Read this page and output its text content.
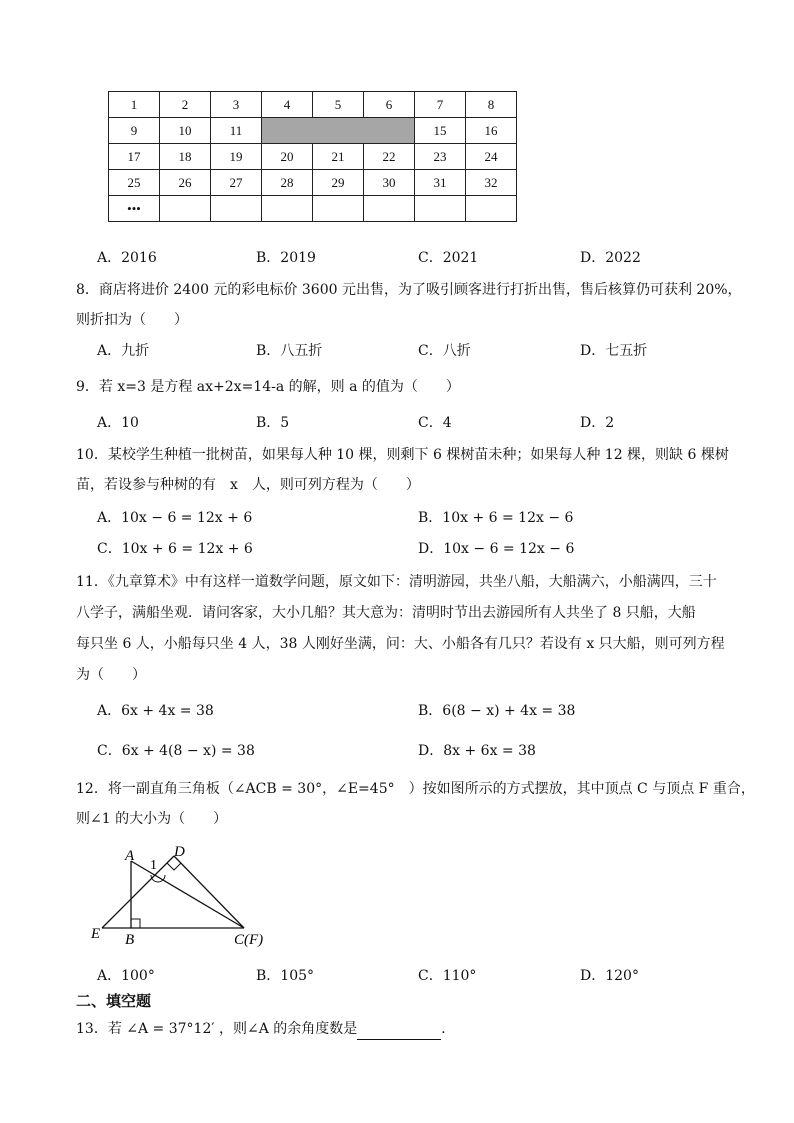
1	2	3	4	5	6	7	8
9	10	11				15	16
17	18	19	20	21	22	23	24
25	26	27	28	29	30	31	32
•••							
A．2016	B．2019	C．2021	D．2022
8．商店将进价 2400 元的彩电标价 3600 元出售，为了吸引顾客进行打折出售，售后核算仍可获利 20%，
则折扣为（　　）
A．九折	B．八五折	C．八折	D．七五折
9．若 x=3 是方程 ax+2x=14-a 的解，则 a 的值为（　　）
A．10	B．5	C．4	D．2
10．某校学生种植一批树苗，如果每人种 10 棵，则剩下 6 棵树苗未种；如果每人种 12 棵，则缺 6 棵树
苗，若设参与种树的有　x　人，则可列方程为（　　）
A．10x − 6 = 12x + 6	B．10x + 6 = 12x − 6
C．10x + 6 = 12x + 6	D．10x − 6 = 12x − 6
11．《九章算术》中有这样一道数学问题，原文如下：清明游园，共坐八船，大船满六，小船满四，三十
八学子，满船坐观．请问客家，大小几船？其大意为：清明时节出去游园所有人共坐了 8 只船，大船
每只坐 6 人，小船每只坐 4 人，38 人刚好坐满，问：大、小船各有几只？若设有 x 只大船，则可列方程
为（　　）
A．6x + 4x = 38	B．6(8 − x) + 4x = 38
C．6x + 4(8 − x) = 38	D．8x + 6x = 38
12．将一副直角三角板（∠ACB = 30°，∠E=45°　）按如图所示的方式摆放，其中顶点 C 与顶点 F 重合，
则∠1 的大小为（　　）
A	D
1
E B	C(F)
A．100°	B．105°	C．110°	D．120°
二、填空题
13．若 ∠A = 37°12′ ，则∠A 的余角度数是	．
